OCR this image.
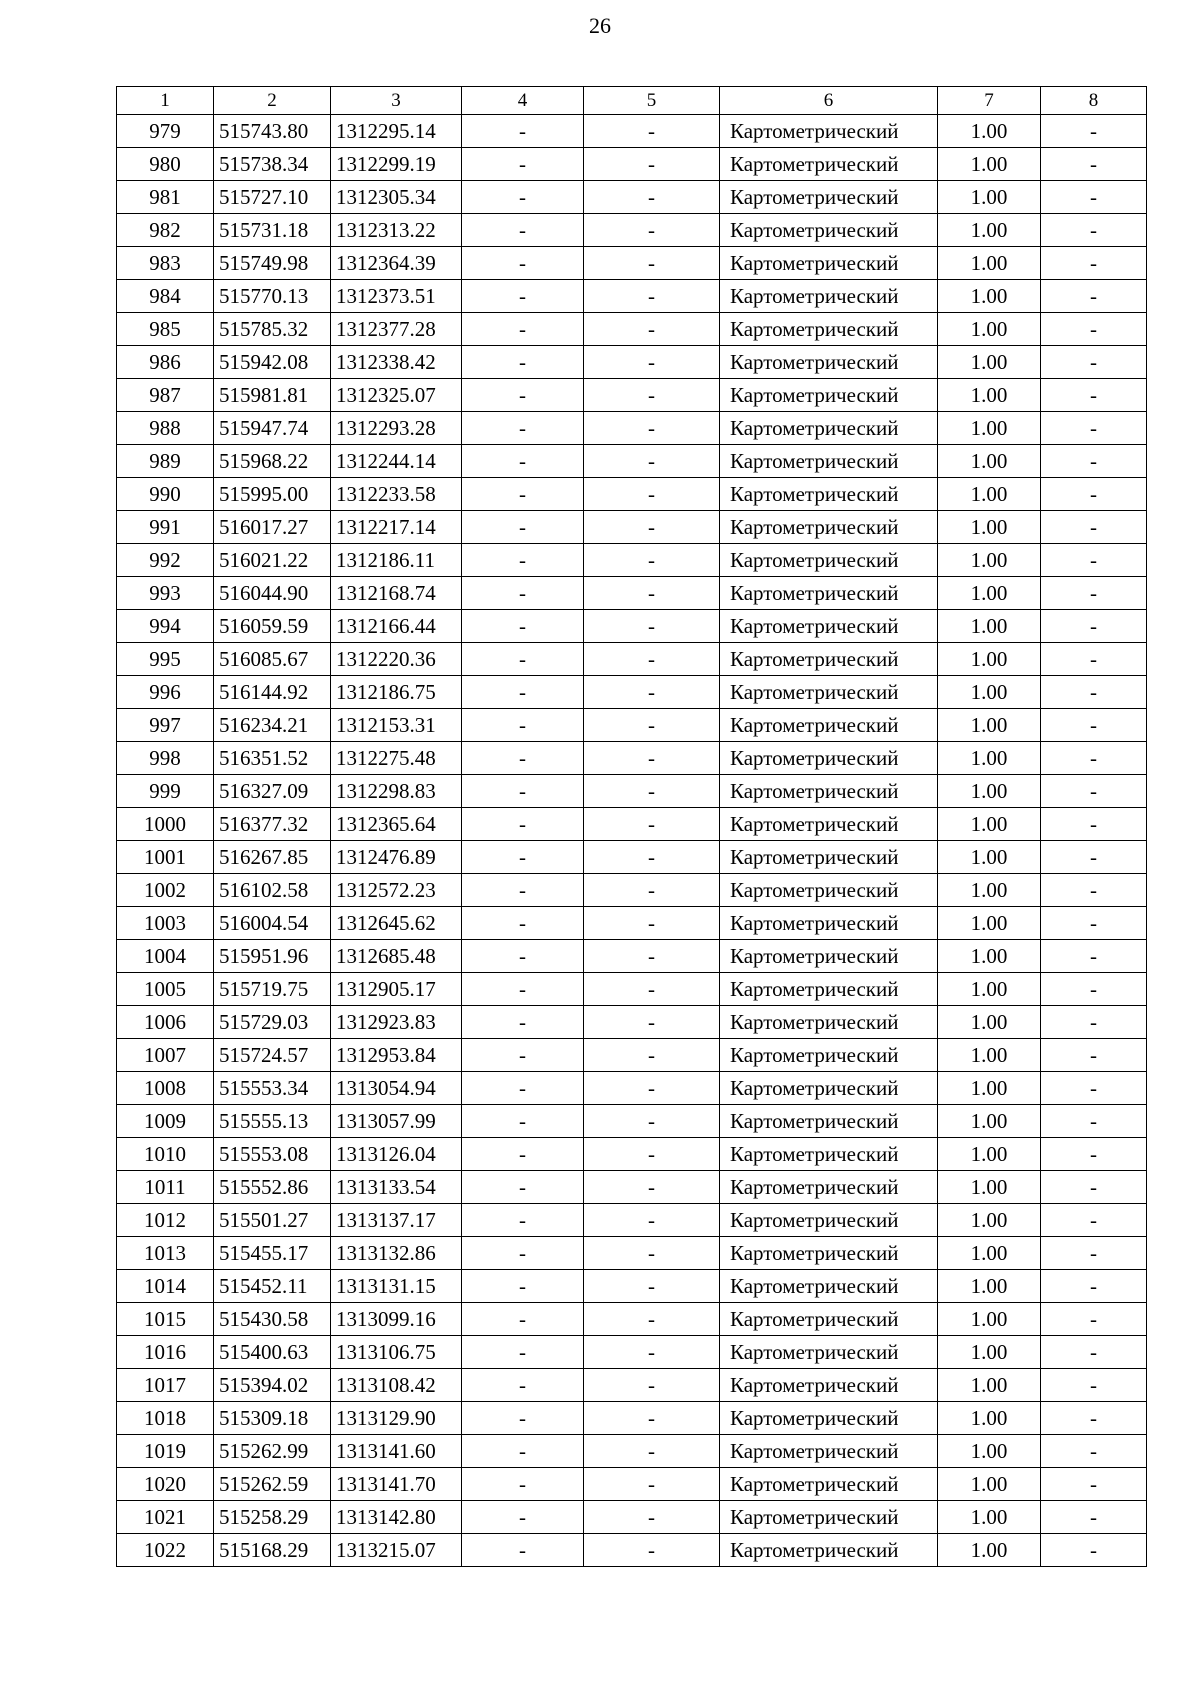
26
1	2	3	4	5	6	7	8
979	515743.80	1312295.14	-	-	Картометрический	1.00	-
980	515738.34	1312299.19	-	-	Картометрический	1.00	-
981	515727.10	1312305.34	-	-	Картометрический	1.00	-
982	515731.18	1312313.22	-	-	Картометрический	1.00	-
983	515749.98	1312364.39	-	-	Картометрический	1.00	-
984	515770.13	1312373.51	-	-	Картометрический	1.00	-
985	515785.32	1312377.28	-	-	Картометрический	1.00	-
986	515942.08	1312338.42	-	-	Картометрический	1.00	-
987	515981.81	1312325.07	-	-	Картометрический	1.00	-
988	515947.74	1312293.28	-	-	Картометрический	1.00	-
989	515968.22	1312244.14	-	-	Картометрический	1.00	-
990	515995.00	1312233.58	-	-	Картометрический	1.00	-
991	516017.27	1312217.14	-	-	Картометрический	1.00	-
992	516021.22	1312186.11	-	-	Картометрический	1.00	-
993	516044.90	1312168.74	-	-	Картометрический	1.00	-
994	516059.59	1312166.44	-	-	Картометрический	1.00	-
995	516085.67	1312220.36	-	-	Картометрический	1.00	-
996	516144.92	1312186.75	-	-	Картометрический	1.00	-
997	516234.21	1312153.31	-	-	Картометрический	1.00	-
998	516351.52	1312275.48	-	-	Картометрический	1.00	-
999	516327.09	1312298.83	-	-	Картометрический	1.00	-
1000	516377.32	1312365.64	-	-	Картометрический	1.00	-
1001	516267.85	1312476.89	-	-	Картометрический	1.00	-
1002	516102.58	1312572.23	-	-	Картометрический	1.00	-
1003	516004.54	1312645.62	-	-	Картометрический	1.00	-
1004	515951.96	1312685.48	-	-	Картометрический	1.00	-
1005	515719.75	1312905.17	-	-	Картометрический	1.00	-
1006	515729.03	1312923.83	-	-	Картометрический	1.00	-
1007	515724.57	1312953.84	-	-	Картометрический	1.00	-
1008	515553.34	1313054.94	-	-	Картометрический	1.00	-
1009	515555.13	1313057.99	-	-	Картометрический	1.00	-
1010	515553.08	1313126.04	-	-	Картометрический	1.00	-
1011	515552.86	1313133.54	-	-	Картометрический	1.00	-
1012	515501.27	1313137.17	-	-	Картометрический	1.00	-
1013	515455.17	1313132.86	-	-	Картометрический	1.00	-
1014	515452.11	1313131.15	-	-	Картометрический	1.00	-
1015	515430.58	1313099.16	-	-	Картометрический	1.00	-
1016	515400.63	1313106.75	-	-	Картометрический	1.00	-
1017	515394.02	1313108.42	-	-	Картометрический	1.00	-
1018	515309.18	1313129.90	-	-	Картометрический	1.00	-
1019	515262.99	1313141.60	-	-	Картометрический	1.00	-
1020	515262.59	1313141.70	-	-	Картометрический	1.00	-
1021	515258.29	1313142.80	-	-	Картометрический	1.00	-
1022	515168.29	1313215.07	-	-	Картометрический	1.00	-
